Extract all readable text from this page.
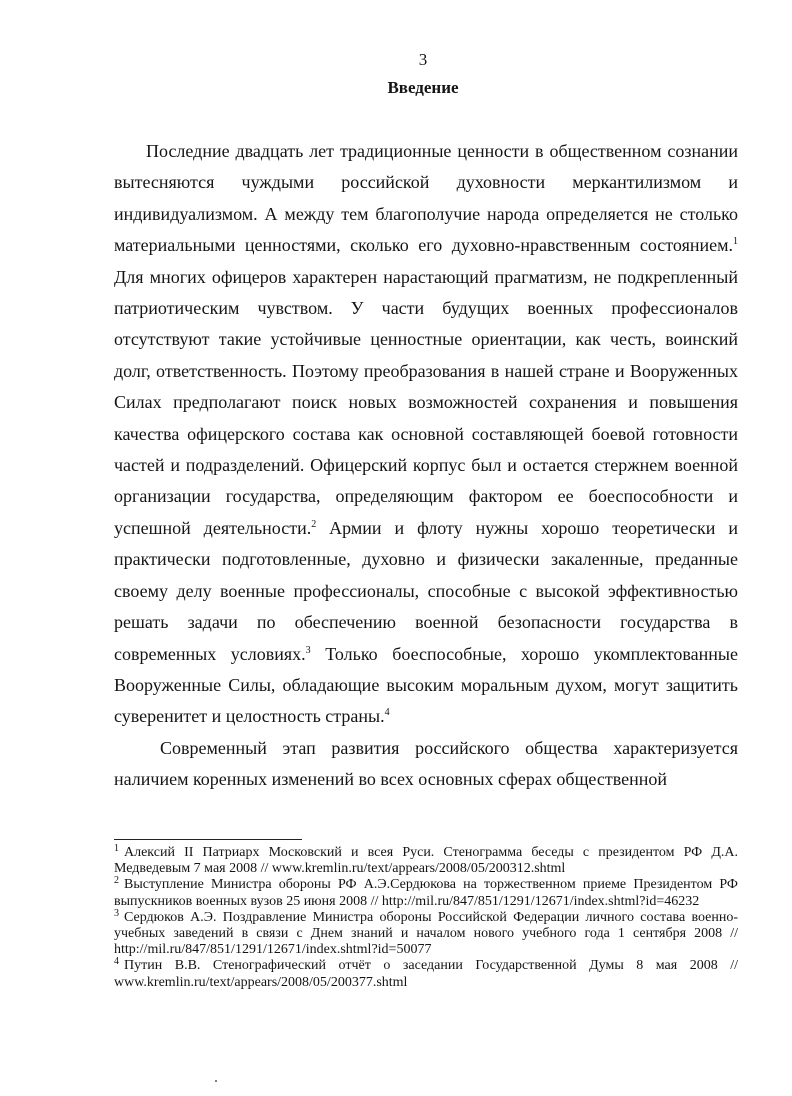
3
Введение

Последние двадцать лет традиционные ценности в общественном сознании вытесняются чуждыми российской духовности меркантилизмом и индивидуализмом. А между тем благополучие народа определяется не столько материальными ценностями, сколько его духовно-нравственным состоянием.$^1$ Для многих офицеров характерен нарастающий прагматизм, не подкрепленный патриотическим чувством. У части будущих военных профессионалов отсутствуют такие устойчивые ценностные ориентации, как честь, воинский долг, ответственность. Поэтому преобразования в нашей стране и Вооруженных Силах предполагают поиск новых возможностей сохранения и повышения качества офицерского состава как основной составляющей боевой готовности частей и подразделений. Офицерский корпус был и остается стержнем военной организации государства, определяющим фактором ее боеспособности и успешной деятельности.$^2$ Армии и флоту нужны хорошо теоретически и практически подготовленные, духовно и физически закаленные, преданные своему делу военные профессионалы, способные с высокой эффективностью решать задачи по обеспечению военной безопасности государства в современных условиях.$^3$ Только боеспособные, хорошо укомплектованные Вооруженные Силы, обладающие высоким моральным духом, могут защитить суверенитет и целостность страны.$^4$

Современный этап развития российского общества характеризуется наличием коренных изменений во всех основных сферах общественной

$^1$ Алексий II Патриарх Московский и всея Руси. Стенограмма беседы с президентом РФ Д.А. Медведевым 7 мая 2008 // www.kremlin.ru/text/appears/2008/05/200312.shtml

$^2$ Выступление Министра обороны РФ А.Э.Сердюкова на торжественном приеме Президентом РФ выпускников военных вузов 25 июня 2008 // http://mil.ru/847/851/1291/12671/index.shtml?id=46232

$^3$ Сердюков А.Э. Поздравление Министра обороны Российской Федерации личного состава военно-учебных заведений в связи с Днем знаний и началом нового учебного года 1 сентября 2008 // http://mil.ru/847/851/1291/12671/index.shtml?id=50077

$^4$ Путин В.В. Стенографический отчёт о заседании Государственной Думы 8 мая 2008 // www.kremlin.ru/text/appears/2008/05/200377.shtml
